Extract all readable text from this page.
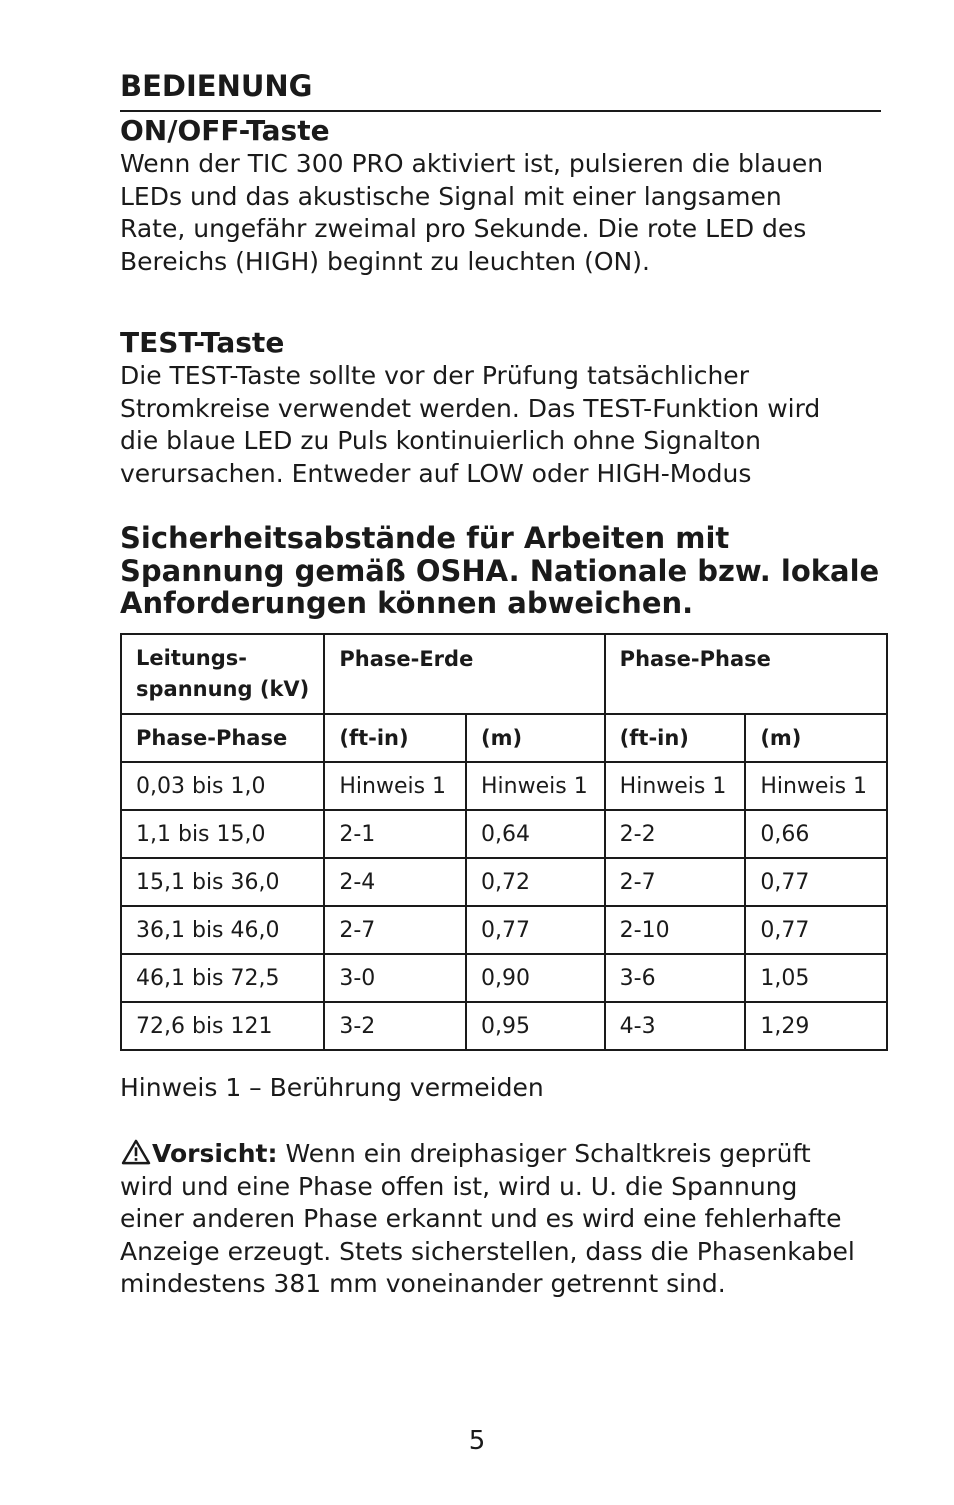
BEDIENUNG
ON/OFF-Taste
Wenn der TIC 300 PRO aktiviert ist, pulsieren die blauen
LEDs und das akustische Signal mit einer langsamen
Rate, ungefähr zweimal pro Sekunde. Die rote LED des
Bereichs (HIGH) beginnt zu leuchten (ON).
TEST-Taste
Die TEST-Taste sollte vor der Prüfung tatsächlicher
Stromkreise verwendet werden. Das TEST-Funktion wird
die blaue LED zu Puls kontinuierlich ohne Signalton
verursachen. Entweder auf LOW oder HIGH-Modus
Sicherheitsabstände für Arbeiten mit
Spannung gemäß OSHA. Nationale bzw. lokale
Anforderungen können abweichen.
Leitungs-
spannung (kV)	Phase-Erde		Phase-Phase	
Phase-Phase	(ft-in)	(m)	(ft-in)	(m)
0,03 bis 1,0	Hinweis 1	Hinweis 1	Hinweis 1	Hinweis 1
1,1 bis 15,0	2-1	0,64	2-2	0,66
15,1 bis 36,0	2-4	0,72	2-7	0,77
36,1 bis 46,0	2-7	0,77	2-10	0,77
46,1 bis 72,5	3-0	0,90	3-6	1,05
72,6 bis 121	3-2	0,95	4-3	1,29
Hinweis 1 – Berührung vermeiden
Vorsicht: Wenn ein dreiphasiger Schaltkreis geprüft
wird und eine Phase offen ist, wird u. U. die Spannung
einer anderen Phase erkannt und es wird eine fehlerhafte
Anzeige erzeugt. Stets sicherstellen, dass die Phasenkabel
mindestens 381 mm voneinander getrennt sind.
5
